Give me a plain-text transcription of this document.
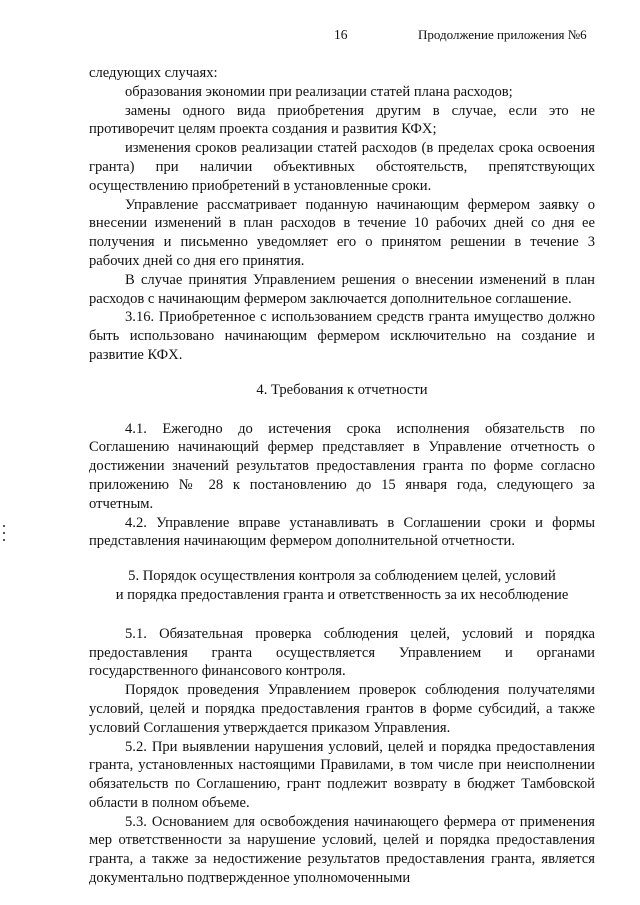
16	Продолжение приложения №6

следующих случаях:

образования экономии при реализации статей плана расходов;

замены одного вида приобретения другим в случае, если это не противоречит целям проекта создания и развития КФХ;

изменения сроков реализации статей расходов (в пределах срока освоения гранта) при наличии объективных обстоятельств, препятствующих осуществлению приобретений в установленные сроки.

Управление рассматривает поданную начинающим фермером заявку о внесении изменений в план расходов в течение 10 рабочих дней со дня ее получения и письменно уведомляет его о принятом решении в течение 3 рабочих дней со дня его принятия.

В случае принятия Управлением решения о внесении изменений в план расходов с начинающим фермером заключается дополнительное соглашение.

3.16. Приобретенное с использованием средств гранта имущество должно быть использовано начинающим фермером исключительно на создание и развитие КФХ.

4. Требования к отчетности

4.1. Ежегодно до истечения срока исполнения обязательств по Соглашению начинающий фермер представляет в Управление отчетность о достижении значений результатов предоставления гранта по форме согласно приложению № 28 к постановлению до 15 января года, следующего за отчетным.

4.2. Управление вправе устанавливать в Соглашении сроки и формы представления начинающим фермером дополнительной отчетности.

5. Порядок осуществления контроля за соблюдением целей, условий
и порядка предоставления гранта и ответственность за их несоблюдение

5.1. Обязательная проверка соблюдения целей, условий и порядка предоставления гранта осуществляется Управлением и органами государственного финансового контроля.

Порядок проведения Управлением проверок соблюдения получателями условий, целей и порядка предоставления грантов в форме субсидий, а также условий Соглашения утверждается приказом Управления.

5.2. При выявлении нарушения условий, целей и порядка предоставления гранта, установленных настоящими Правилами, в том числе при неисполнении обязательств по Соглашению, грант подлежит возврату в бюджет Тамбовской области в полном объеме.

5.3. Основанием для освобождения начинающего фермера от применения мер ответственности за нарушение условий, целей и порядка предоставления гранта, а также за недостижение результатов предоставления гранта, является документально подтвержденное уполномоченными
